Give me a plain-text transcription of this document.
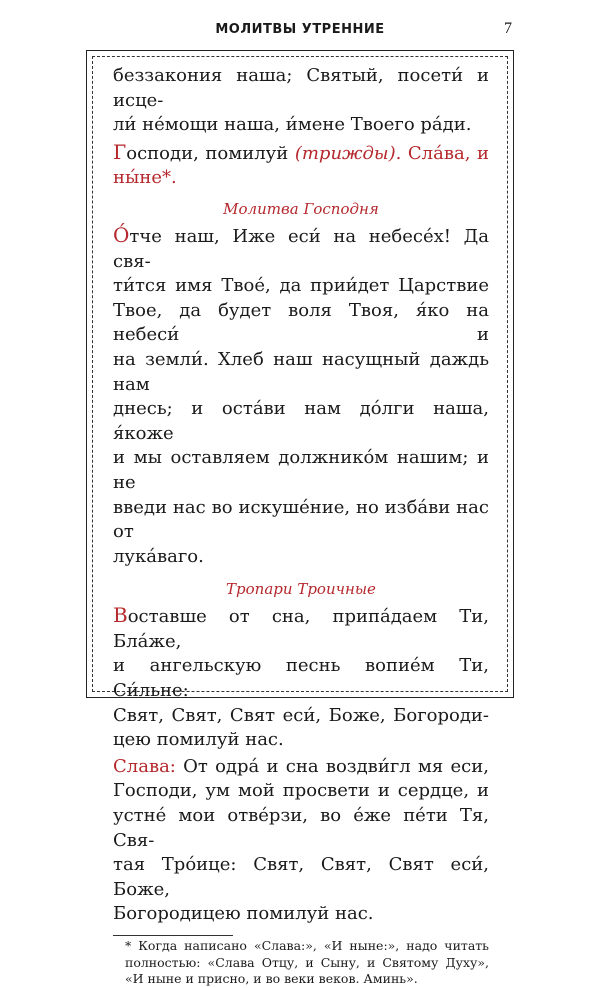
МОЛИТВЫ УТРЕННИЕ	7

беззакония наша; Святый, посети́ и исце-
ли́ не́мощи наша, и́мене Твоего ра́ди.

Господи, помилуй (трижды). Сла́ва, и ны́не*.

Молитва Господня

О́тче наш, Иже еси́ на небесе́х! Да свя-
ти́тся имя Твое́, да прии́дет Царствие
Твое, да будет воля Твоя, я́ко на небеси́ и
на земли́. Хлеб наш насущный даждь нам
днесь; и оста́ви нам до́лги наша, я́коже
и мы оставляем должнико́м нашим; и не
введи нас во искуше́ние, но изба́ви нас от
лука́ваго.

Тропари Троичные

Воставше от сна, припа́даем Ти, Бла́же,
и ангельскую песнь вопие́м Ти, Си́льне:
Свят, Свят, Свят еси́, Боже, Богороди-
цею помилуй нас.

Слава: От одра́ и сна воздви́гл мя еси,
Господи, ум мой просвети и сердце, и
устне́ мои отве́рзи, во е́же пе́ти Тя, Свя-
тая Тро́ице: Свят, Свят, Свят еси́, Боже,
Богородицею помилуй нас.

* Когда написано «Слава:», «И ныне:», надо читать
полностью: «Слава Отцу, и Сыну, и Святому Духу»,
«И ныне и присно, и во веки веков. Аминь».
